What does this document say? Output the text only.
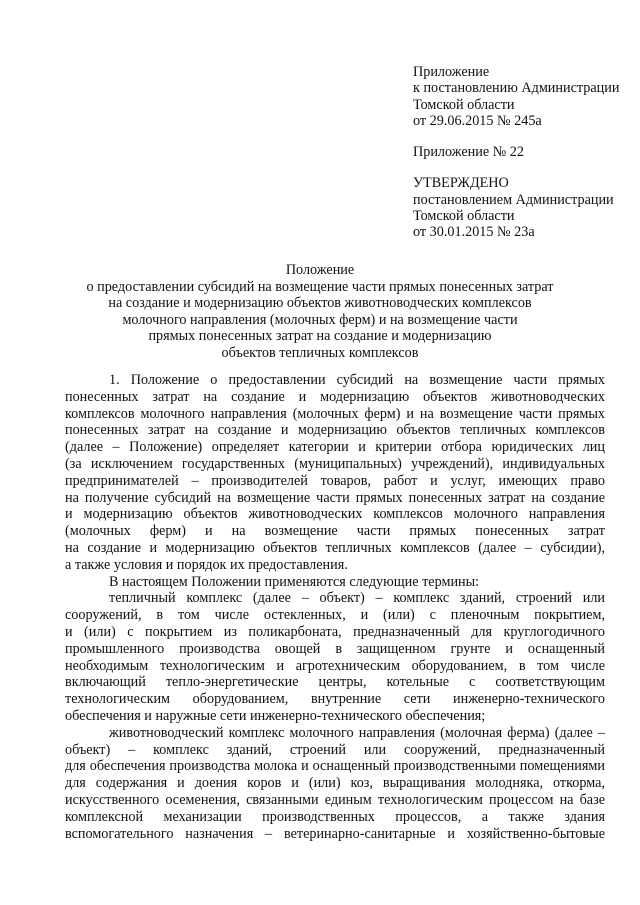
Приложение
к постановлению Администрации
Томской области
от 29.06.2015 № 245а
Приложение № 22
УТВЕРЖДЕНО
постановлением Администрации
Томской области
от 30.01.2015 № 23а
Положение
о предоставлении субсидий на возмещение части прямых понесенных затрат
на создание и модернизацию объектов животноводческих комплексов
молочного направления (молочных ферм) и на возмещение части
прямых понесенных затрат на создание и модернизацию
объектов тепличных комплексов
1. Положение о предоставлении субсидий на возмещение части прямых
понесенных затрат на создание и модернизацию объектов животноводческих
комплексов молочного направления (молочных ферм) и на возмещение части прямых
понесенных затрат на создание и модернизацию объектов тепличных комплексов
(далее – Положение) определяет категории и критерии отбора юридических лиц
(за исключением государственных (муниципальных) учреждений), индивидуальных
предпринимателей – производителей товаров, работ и услуг, имеющих право
на получение субсидий на возмещение части прямых понесенных затрат на создание
и модернизацию объектов животноводческих комплексов молочного направления
(молочных ферм) и на возмещение части прямых понесенных затрат
на создание и модернизацию объектов тепличных комплексов (далее – субсидии),
а также условия и порядок их предоставления.
В настоящем Положении применяются следующие термины:
тепличный комплекс (далее – объект) – комплекс зданий, строений или
сооружений, в том числе остекленных, и (или) с пленочным покрытием,
и (или) с покрытием из поликарбоната, предназначенный для круглогодичного
промышленного производства овощей в защищенном грунте и оснащенный
необходимым технологическим и агротехническим оборудованием, в том числе
включающий тепло-энергетические центры, котельные с соответствующим
технологическим оборудованием, внутренние сети инженерно-технического
обеспечения и наружные сети инженерно-технического обеспечения;
животноводческий комплекс молочного направления (молочная ферма) (далее –
объект) – комплекс зданий, строений или сооружений, предназначенный
для обеспечения производства молока и оснащенный производственными помещениями
для содержания и доения коров и (или) коз, выращивания молодняка, откорма,
искусственного осеменения, связанными единым технологическим процессом на базе
комплексной механизации производственных процессов, а также здания
вспомогательного назначения – ветеринарно-санитарные и хозяйственно-бытовые
